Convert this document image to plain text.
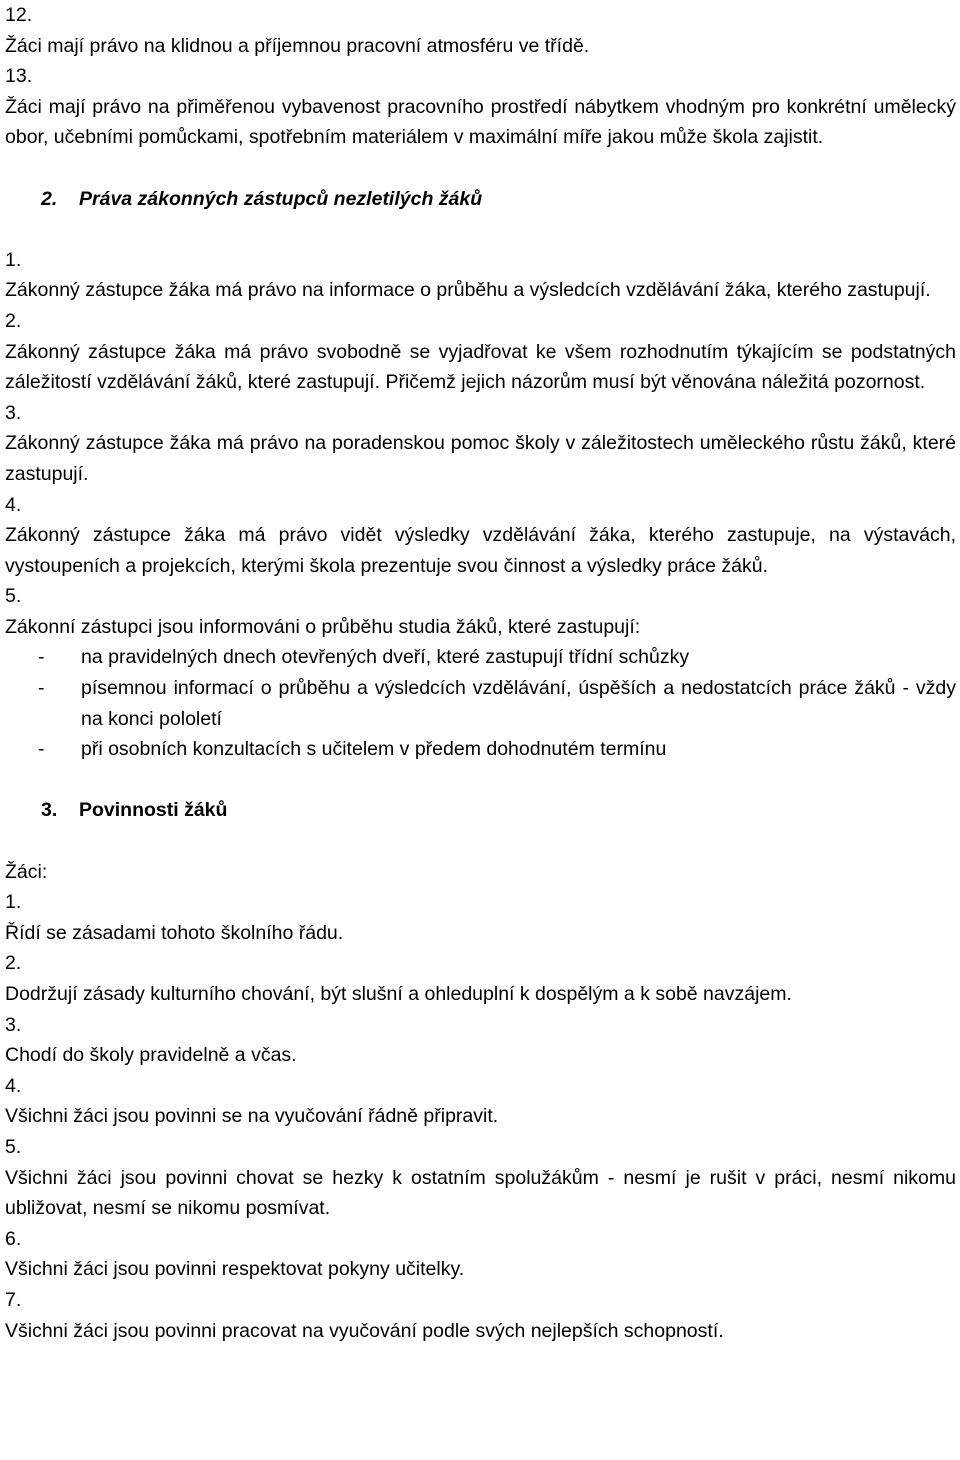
12.
Žáci mají právo na klidnou a příjemnou pracovní atmosféru ve třídě.
13.
Žáci mají právo na přiměřenou vybavenost pracovního prostředí nábytkem vhodným pro konkrétní umělecký obor, učebními pomůckami, spotřebním materiálem v maximální míře jakou může škola zajistit.
2. Práva zákonných zástupců nezletilých žáků
1.
Zákonný zástupce žáka má právo na informace o průběhu a výsledcích vzdělávání žáka, kterého zastupují.
2.
Zákonný zástupce žáka má právo svobodně se vyjadřovat ke všem rozhodnutím týkajícím se podstatných záležitostí vzdělávání žáků, které zastupují. Přičemž jejich názorům musí být věnována náležitá pozornost.
3.
Zákonný zástupce žáka má právo na poradenskou pomoc školy v záležitostech uměleckého růstu žáků, které zastupují.
4.
Zákonný zástupce žáka má právo vidět výsledky vzdělávání žáka, kterého zastupuje, na výstavách, vystoupeních a projekcích, kterými škola prezentuje svou činnost a výsledky práce žáků.
5.
Zákonní zástupci jsou informováni o průběhu studia žáků, které zastupují:
-	na pravidelných dnech otevřených dveří, které zastupují třídní schůzky
-	písemnou informací o průběhu a výsledcích vzdělávání, úspěších a nedostatcích práce žáků - vždy na konci pololetí
-	při osobních konzultacích s učitelem v předem dohodnutém termínu
3. Povinnosti žáků
Žáci:
1.
Řídí se zásadami tohoto školního řádu.
2.
Dodržují zásady kulturního chování, být slušní a ohleduplní k dospělým a k sobě navzájem.
3.
Chodí do školy pravidelně a včas.
4.
Všichni žáci jsou povinni se na vyučování řádně připravit.
5.
Všichni žáci jsou povinni chovat se hezky k ostatním spolužákům - nesmí je rušit v práci, nesmí nikomu ubližovat, nesmí se nikomu posmívat.
6.
Všichni žáci jsou povinni respektovat pokyny učitelky.
7.
Všichni žáci jsou povinni pracovat na vyučování podle svých nejlepších schopností.
